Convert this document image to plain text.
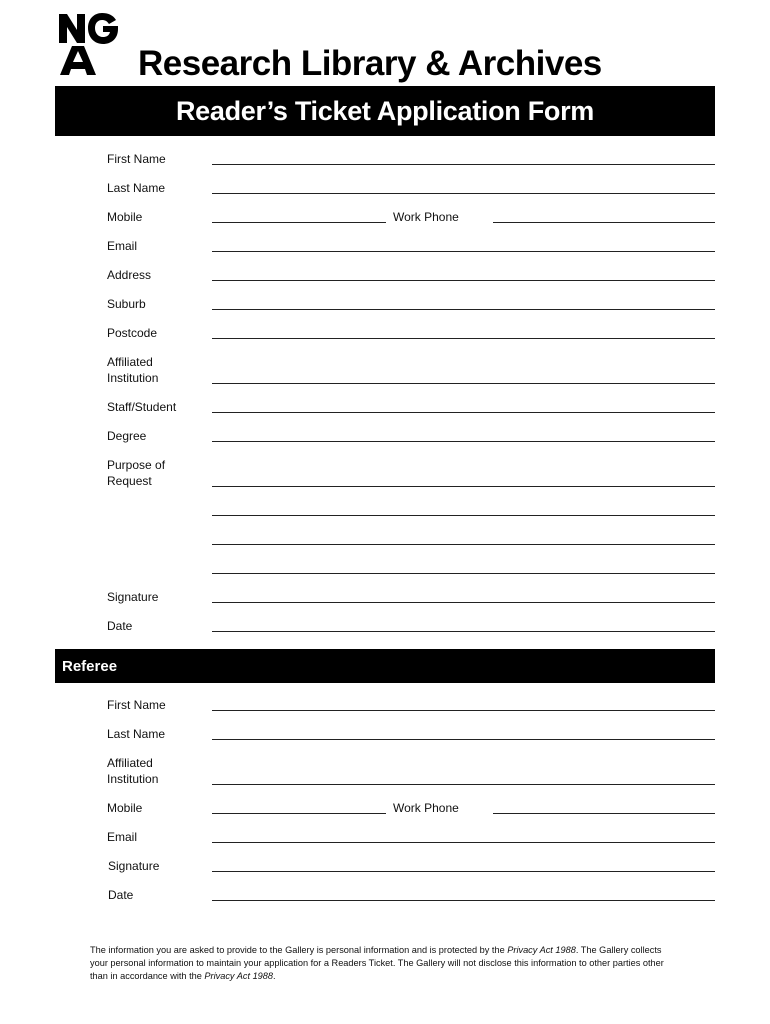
Research Library & Archives
Reader’s Ticket Application Form
First Name
Last Name
Mobile	Work Phone
Email
Address
Suburb
Postcode
Affiliated
Institution
Staff/Student
Degree
Purpose of
Request
Signature
Date
Referee
First Name
Last Name
Affiliated
Institution
Mobile	Work Phone
Email
Signature
Date

The information you are asked to provide to the Gallery is personal information and is protected by the Privacy Act 1988. The Gallery collects your personal information to maintain your application for a Readers Ticket. The Gallery will not disclose this information to other parties other than in accordance with the Privacy Act 1988.
